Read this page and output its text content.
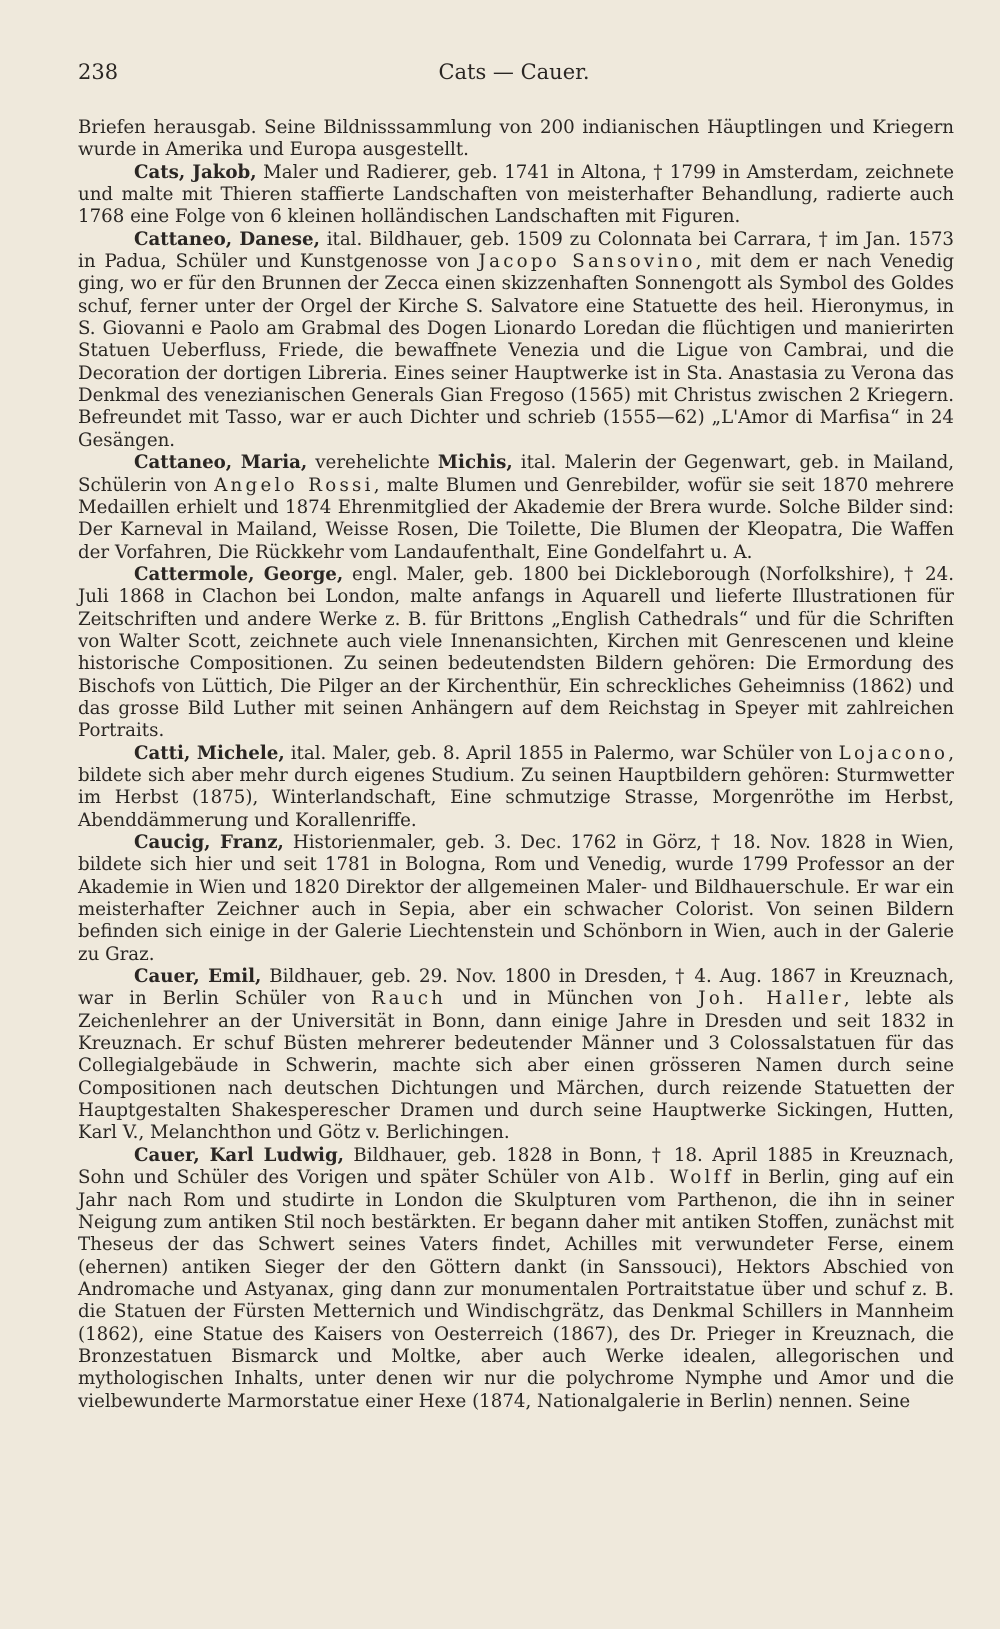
238	Cats — Cauer.

Briefen herausgab. Seine Bildnisssammlung von 200 indianischen Häuptlingen und Kriegern wurde in Amerika und Europa ausgestellt.

Cats, Jakob, Maler und Radierer, geb. 1741 in Altona, † 1799 in Amsterdam, zeichnete und malte mit Thieren staffierte Landschaften von meisterhafter Behandlung, radierte auch 1768 eine Folge von 6 kleinen holländischen Landschaften mit Figuren.

Cattaneo, Danese, ital. Bildhauer, geb. 1509 zu Colonnata bei Carrara, † im Jan. 1573 in Padua, Schüler und Kunstgenosse von Jacopo Sansovino, mit dem er nach Venedig ging, wo er für den Brunnen der Zecca einen skizzenhaften Sonnengott als Symbol des Goldes schuf, ferner unter der Orgel der Kirche S. Salvatore eine Statuette des heil. Hieronymus, in S. Giovanni e Paolo am Grabmal des Dogen Lionardo Loredan die flüchtigen und manierirten Statuen Ueberfluss, Friede, die bewaffnete Venezia und die Ligue von Cambrai, und die Decoration der dortigen Libreria. Eines seiner Hauptwerke ist in Sta. Anastasia zu Verona das Denkmal des venezianischen Generals Gian Fregoso (1565) mit Christus zwischen 2 Kriegern. Befreundet mit Tasso, war er auch Dichter und schrieb (1555—62) „L'Amor di Marfisa“ in 24 Gesängen.

Cattaneo, Maria, verehelichte Michis, ital. Malerin der Gegenwart, geb. in Mailand, Schülerin von Angelo Rossi, malte Blumen und Genrebilder, wofür sie seit 1870 mehrere Medaillen erhielt und 1874 Ehrenmitglied der Akademie der Brera wurde. Solche Bilder sind: Der Karneval in Mailand, Weisse Rosen, Die Toilette, Die Blumen der Kleopatra, Die Waffen der Vorfahren, Die Rückkehr vom Landaufenthalt, Eine Gondelfahrt u. A.

Cattermole, George, engl. Maler, geb. 1800 bei Dickleborough (Norfolkshire), † 24. Juli 1868 in Clachon bei London, malte anfangs in Aquarell und lieferte Illustrationen für Zeitschriften und andere Werke z. B. für Brittons „English Cathedrals“ und für die Schriften von Walter Scott, zeichnete auch viele Innenansichten, Kirchen mit Genrescenen und kleine historische Compositionen. Zu seinen bedeutendsten Bildern gehören: Die Ermordung des Bischofs von Lüttich, Die Pilger an der Kirchenthür, Ein schreckliches Geheimniss (1862) und das grosse Bild Luther mit seinen Anhängern auf dem Reichstag in Speyer mit zahlreichen Portraits.

Catti, Michele, ital. Maler, geb. 8. April 1855 in Palermo, war Schüler von Lojacono, bildete sich aber mehr durch eigenes Studium. Zu seinen Hauptbildern gehören: Sturmwetter im Herbst (1875), Winterlandschaft, Eine schmutzige Strasse, Morgenröthe im Herbst, Abenddämmerung und Korallenriffe.

Caucig, Franz, Historienmaler, geb. 3. Dec. 1762 in Görz, † 18. Nov. 1828 in Wien, bildete sich hier und seit 1781 in Bologna, Rom und Venedig, wurde 1799 Professor an der Akademie in Wien und 1820 Direktor der allgemeinen Maler- und Bildhauerschule. Er war ein meisterhafter Zeichner auch in Sepia, aber ein schwacher Colorist. Von seinen Bildern befinden sich einige in der Galerie Liechtenstein und Schönborn in Wien, auch in der Galerie zu Graz.

Cauer, Emil, Bildhauer, geb. 29. Nov. 1800 in Dresden, † 4. Aug. 1867 in Kreuznach, war in Berlin Schüler von Rauch und in München von Joh. Haller, lebte als Zeichenlehrer an der Universität in Bonn, dann einige Jahre in Dresden und seit 1832 in Kreuznach. Er schuf Büsten mehrerer bedeutender Männer und 3 Colossalstatuen für das Collegialgebäude in Schwerin, machte sich aber einen grösseren Namen durch seine Compositionen nach deutschen Dichtungen und Märchen, durch reizende Statuetten der Hauptgestalten Shakesperescher Dramen und durch seine Hauptwerke Sickingen, Hutten, Karl V., Melanchthon und Götz v. Berlichingen.

Cauer, Karl Ludwig, Bildhauer, geb. 1828 in Bonn, † 18. April 1885 in Kreuznach, Sohn und Schüler des Vorigen und später Schüler von Alb. Wolff in Berlin, ging auf ein Jahr nach Rom und studirte in London die Skulpturen vom Parthenon, die ihn in seiner Neigung zum antiken Stil noch bestärkten. Er begann daher mit antiken Stoffen, zunächst mit Theseus der das Schwert seines Vaters findet, Achilles mit verwundeter Ferse, einem (ehernen) antiken Sieger der den Göttern dankt (in Sanssouci), Hektors Abschied von Andromache und Astyanax, ging dann zur monumentalen Portraitstatue über und schuf z. B. die Statuen der Fürsten Metternich und Windischgrätz, das Denkmal Schillers in Mannheim (1862), eine Statue des Kaisers von Oesterreich (1867), des Dr. Prieger in Kreuznach, die Bronzestatuen Bismarck und Moltke, aber auch Werke idealen, allegorischen und mythologischen Inhalts, unter denen wir nur die polychrome Nymphe und Amor und die vielbewunderte Marmorstatue einer Hexe (1874, Nationalgalerie in Berlin) nennen. Seine
